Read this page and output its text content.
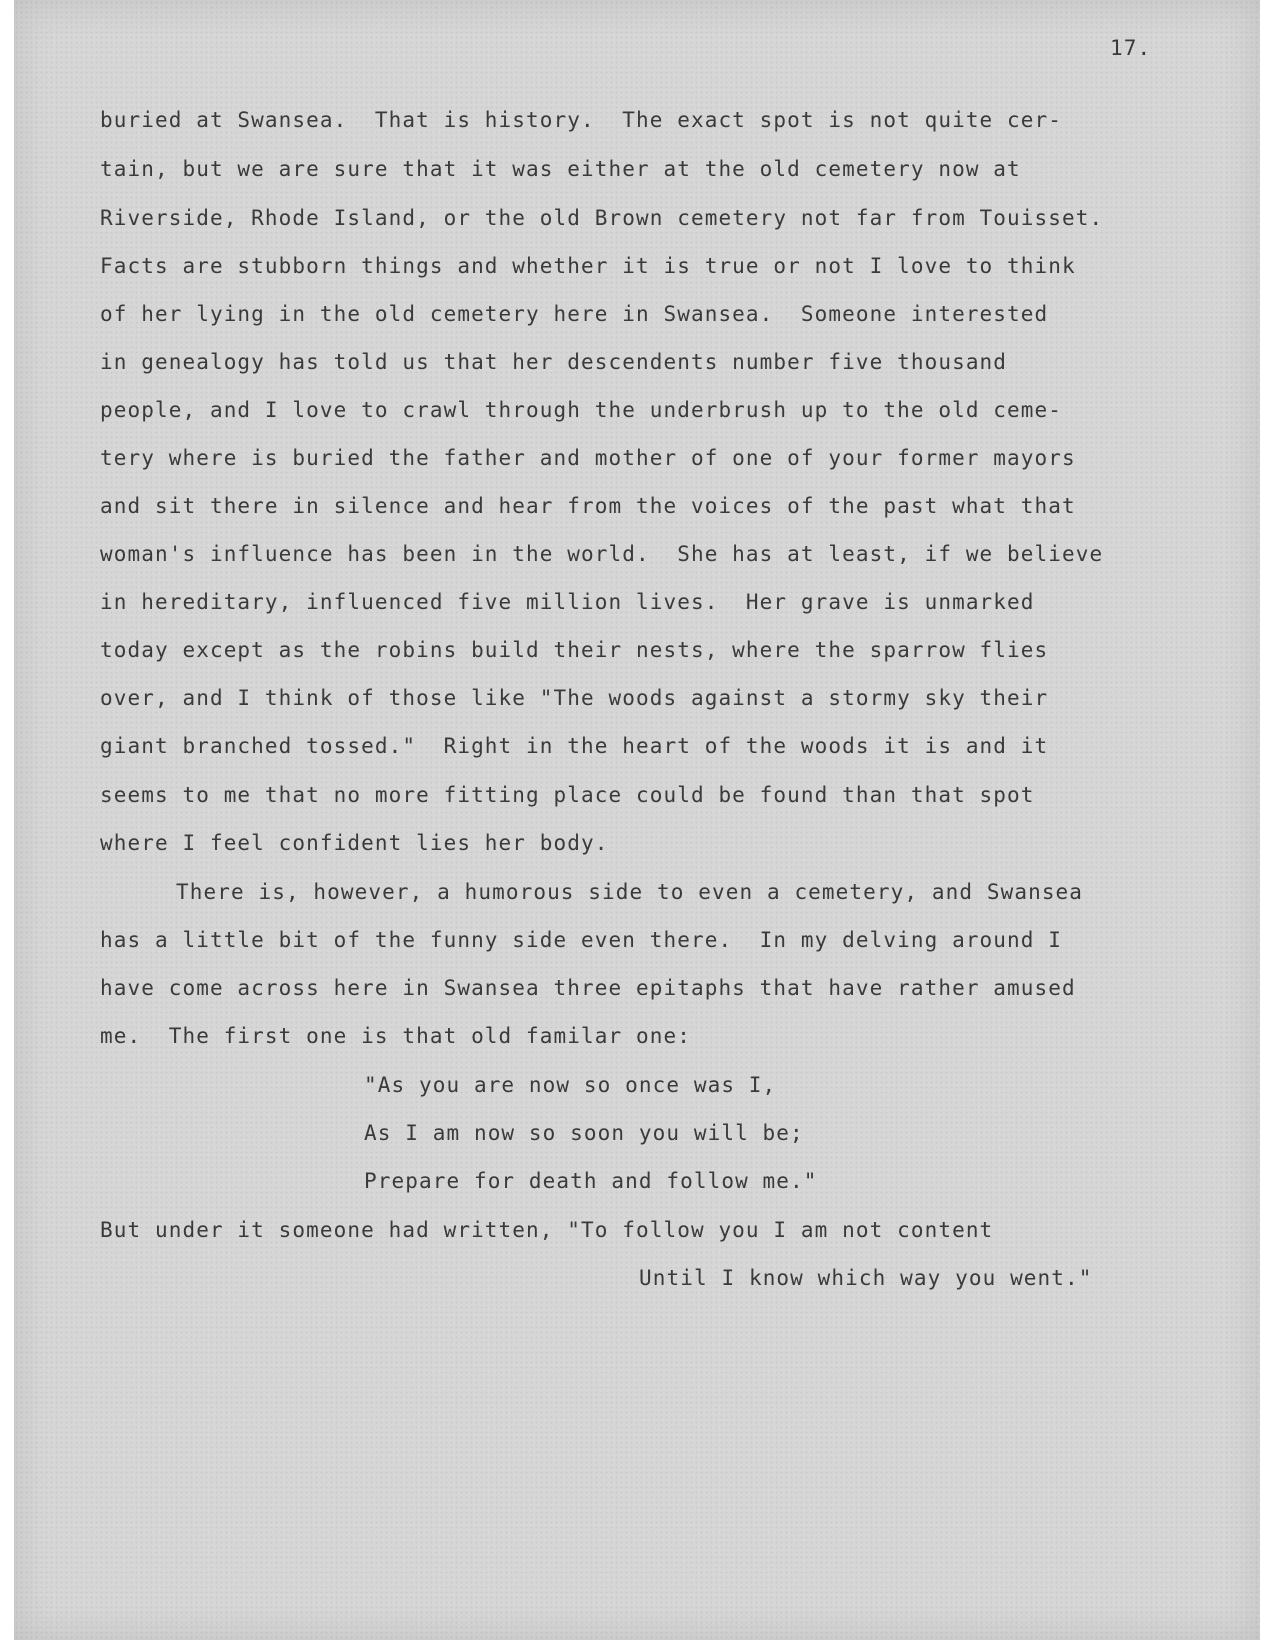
17.
buried at Swansea.  That is history.  The exact spot is not quite cer-
tain, but we are sure that it was either at the old cemetery now at
Riverside, Rhode Island, or the old Brown cemetery not far from Touisset.
Facts are stubborn things and whether it is true or not I love to think
of her lying in the old cemetery here in Swansea.  Someone interested
in genealogy has told us that her descendents number five thousand
people, and I love to crawl through the underbrush up to the old ceme-
tery where is buried the father and mother of one of your former mayors
and sit there in silence and hear from the voices of the past what that
woman's influence has been in the world.  She has at least, if we believe
in hereditary, influenced five million lives.  Her grave is unmarked
today except as the robins build their nests, where the sparrow flies
over, and I think of those like "The woods against a stormy sky their
giant branched tossed."  Right in the heart of the woods it is and it
seems to me that no more fitting place could be found than that spot
where I feel confident lies her body.
There is, however, a humorous side to even a cemetery, and Swansea
has a little bit of the funny side even there.  In my delving around I
have come across here in Swansea three epitaphs that have rather amused
me.  The first one is that old familar one:
"As you are now so once was I,
As I am now so soon you will be;
Prepare for death and follow me."
But under it someone had written, "To follow you I am not content
Until I know which way you went."
